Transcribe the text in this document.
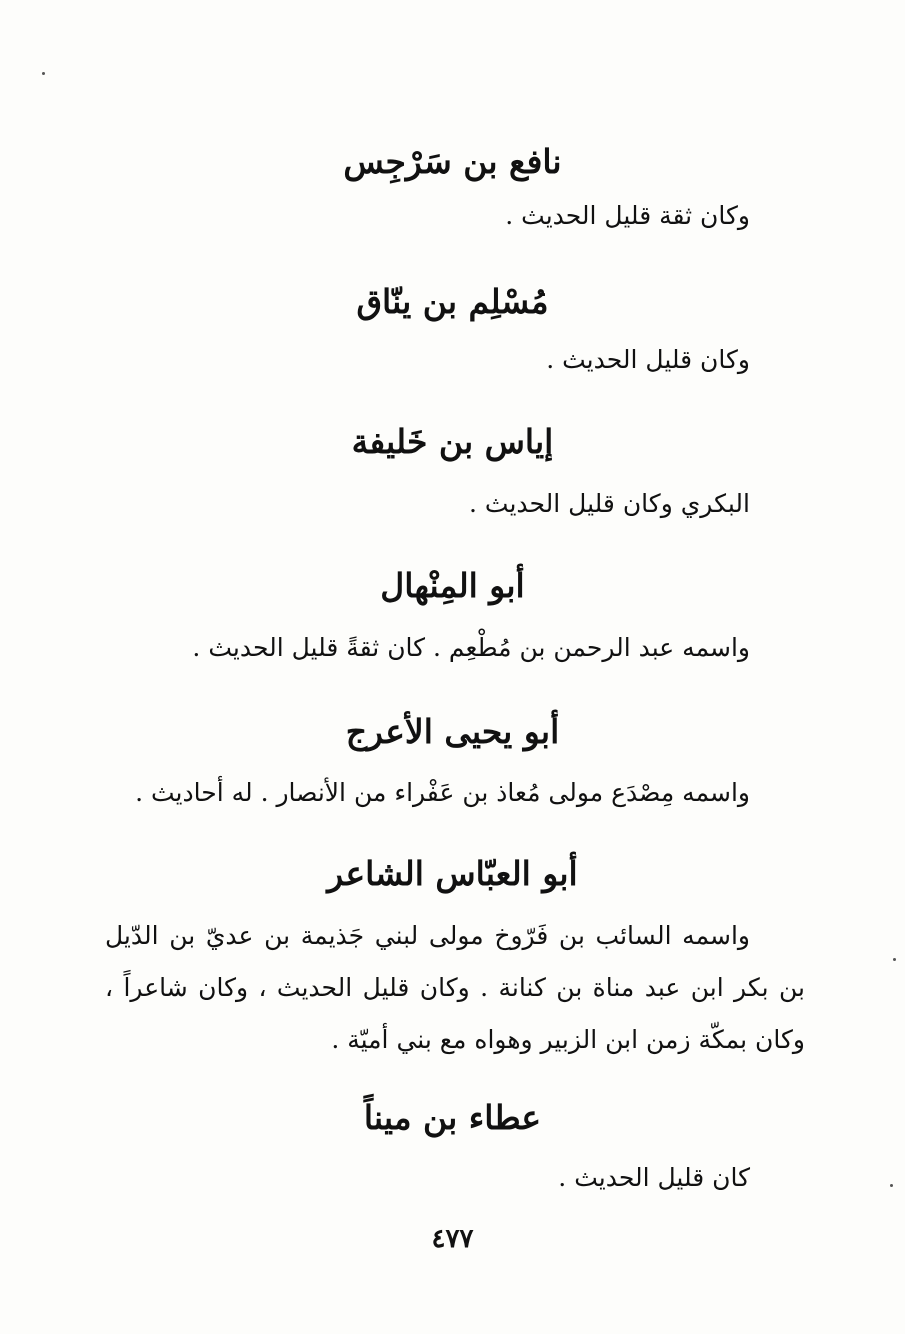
نافع بن سَرْجِس
وكان ثقة قليل الحديث .
مُسْلِم بن ينّاق
وكان قليل الحديث .
إياس بن خَليفة
البكري وكان قليل الحديث .
أبو المِنْهال
واسمه عبد الرحمن بن مُطْعِم . كان ثقةً قليل الحديث .
أبو يحيى الأعرج
واسمه مِصْدَع مولى مُعاذ بن عَفْراء من الأنصار . له أحاديث .
أبو العبّاس الشاعر
واسمه السائب بن فَرّوخ مولى لبني جَذيمة بن عديّ بن الدّيل بن بكر ابن عبد مناة بن كنانة . وكان قليل الحديث ، وكان شاعراً ، وكان بمكّة زمن ابن الزبير وهواه مع بني أميّة .
عطاء بن ميناً
كان قليل الحديث .
٤٧٧
